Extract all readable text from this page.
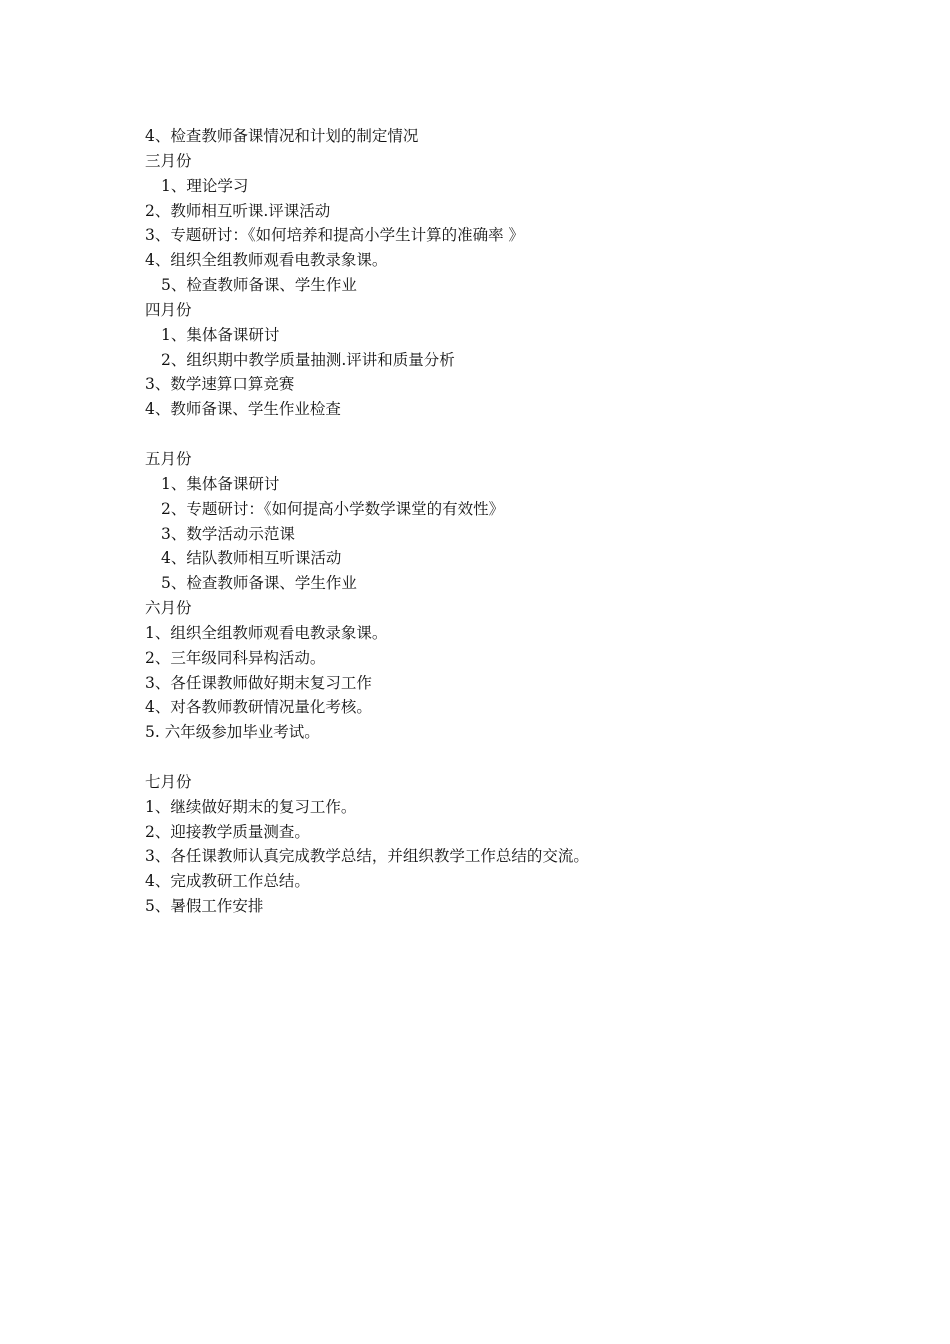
4、检查教师备课情况和计划的制定情况
三月份
1、理论学习
2、教师相互听课.评课活动
3、专题研讨：《如何培养和提高小学生计算的准确率 》
4、组织全组教师观看电教录象课。
5、检查教师备课、学生作业
四月份
1、集体备课研讨
2、组织期中教学质量抽测.评讲和质量分析
3、数学速算口算竞赛
4、教师备课、学生作业检查
五月份
1、集体备课研讨
2、专题研讨：《如何提高小学数学课堂的有效性》
3、数学活动示范课
4、结队教师相互听课活动
5、检查教师备课、学生作业
六月份
1、组织全组教师观看电教录象课。
2、三年级同科异构活动。
3、各任课教师做好期末复习工作
4、对各教师教研情况量化考核。
5. 六年级参加毕业考试。
七月份
1、继续做好期末的复习工作。
2、迎接教学质量测查。
3、各任课教师认真完成教学总结，并组织教学工作总结的交流。
4、完成教研工作总结。
5、暑假工作安排
